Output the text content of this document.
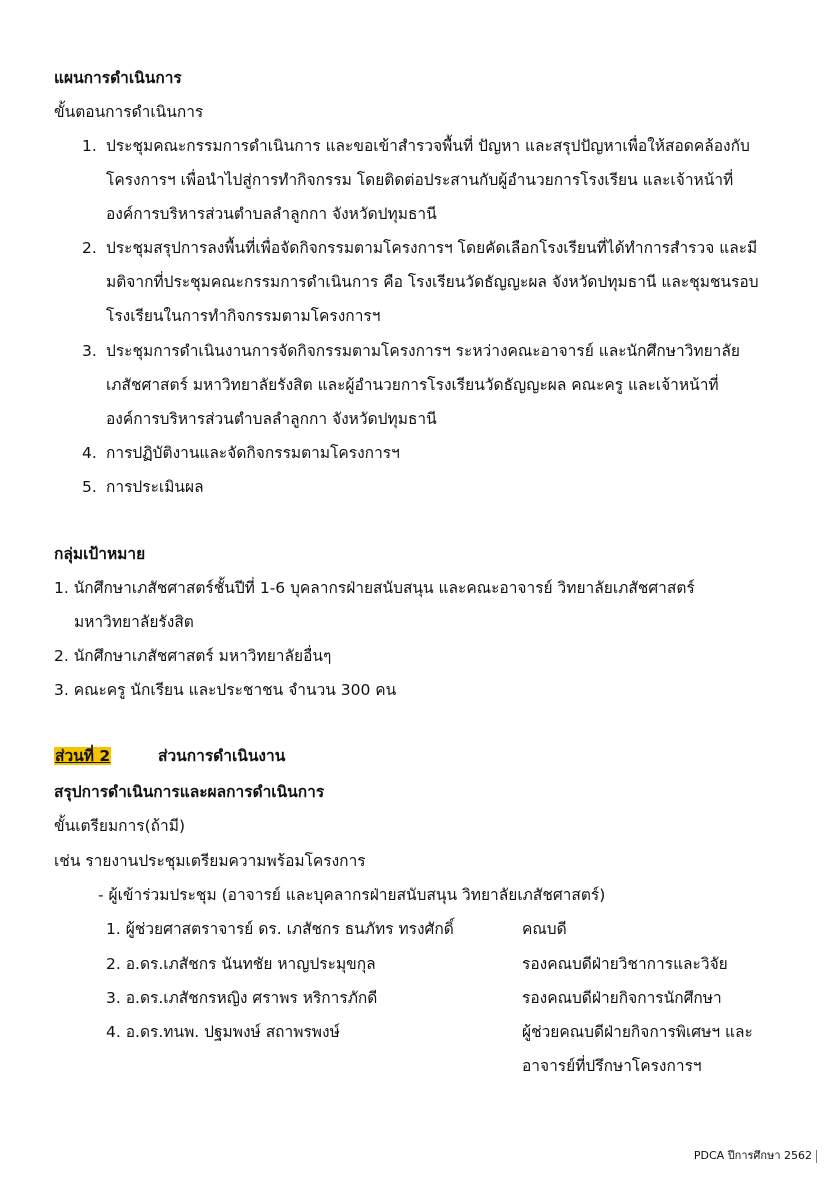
แผนการดำเนินการ
ขั้นตอนการดำเนินการ
1. ประชุมคณะกรรมการดำเนินการ และขอเข้าสำรวจพื้นที่ ปัญหา และสรุปปัญหาเพื่อให้สอดคล้องกับ
โครงการฯ เพื่อนำไปสู่การทำกิจกรรม โดยติดต่อประสานกับผู้อำนวยการโรงเรียน และเจ้าหน้าที่
องค์การบริหารส่วนตำบลลำลูกกา จังหวัดปทุมธานี
2. ประชุมสรุปการลงพื้นที่เพื่อจัดกิจกรรมตามโครงการฯ โดยคัดเลือกโรงเรียนที่ได้ทำการสำรวจ และมี
มติจากที่ประชุมคณะกรรมการดำเนินการ คือ โรงเรียนวัดธัญญะผล จังหวัดปทุมธานี และชุมชนรอบ
โรงเรียนในการทำกิจกรรมตามโครงการฯ
3. ประชุมการดำเนินงานการจัดกิจกรรมตามโครงการฯ ระหว่างคณะอาจารย์ และนักศึกษาวิทยาลัย
เภสัชศาสตร์ มหาวิทยาลัยรังสิต และผู้อำนวยการโรงเรียนวัดธัญญะผล คณะครู และเจ้าหน้าที่
องค์การบริหารส่วนตำบลลำลูกกา จังหวัดปทุมธานี
4. การปฏิบัติงานและจัดกิจกรรมตามโครงการฯ
5. การประเมินผล
กลุ่มเป้าหมาย
1. นักศึกษาเภสัชศาสตร์ชั้นปีที่ 1-6 บุคลากรฝ่ายสนับสนุน และคณะอาจารย์ วิทยาลัยเภสัชศาสตร์
มหาวิทยาลัยรังสิต
2. นักศึกษาเภสัชศาสตร์ มหาวิทยาลัยอื่นๆ
3. คณะครู นักเรียน และประชาชน จำนวน 300 คน
ส่วนที่ 2	ส่วนการดำเนินงาน
สรุปการดำเนินการและผลการดำเนินการ
ขั้นเตรียมการ(ถ้ามี)
เช่น รายงานประชุมเตรียมความพร้อมโครงการ
- ผู้เข้าร่วมประชุม (อาจารย์ และบุคลากรฝ่ายสนับสนุน วิทยาลัยเภสัชศาสตร์)
1. ผู้ช่วยศาสตราจารย์ ดร. เภสัชกร ธนภัทร ทรงศักดิ์	คณบดี
2. อ.ดร.เภสัชกร นันทชัย หาญประมุขกุล	รองคณบดีฝ่ายวิชาการและวิจัย
3. อ.ดร.เภสัชกรหญิง ศราพร หริการภักดี	รองคณบดีฝ่ายกิจการนักศึกษา
4. อ.ดร.ทนพ. ปฐมพงษ์ สถาพรพงษ์	ผู้ช่วยคณบดีฝ่ายกิจการพิเศษฯ และ
อาจารย์ที่ปรึกษาโครงการฯ
PDCA ปีการศึกษา 2562
